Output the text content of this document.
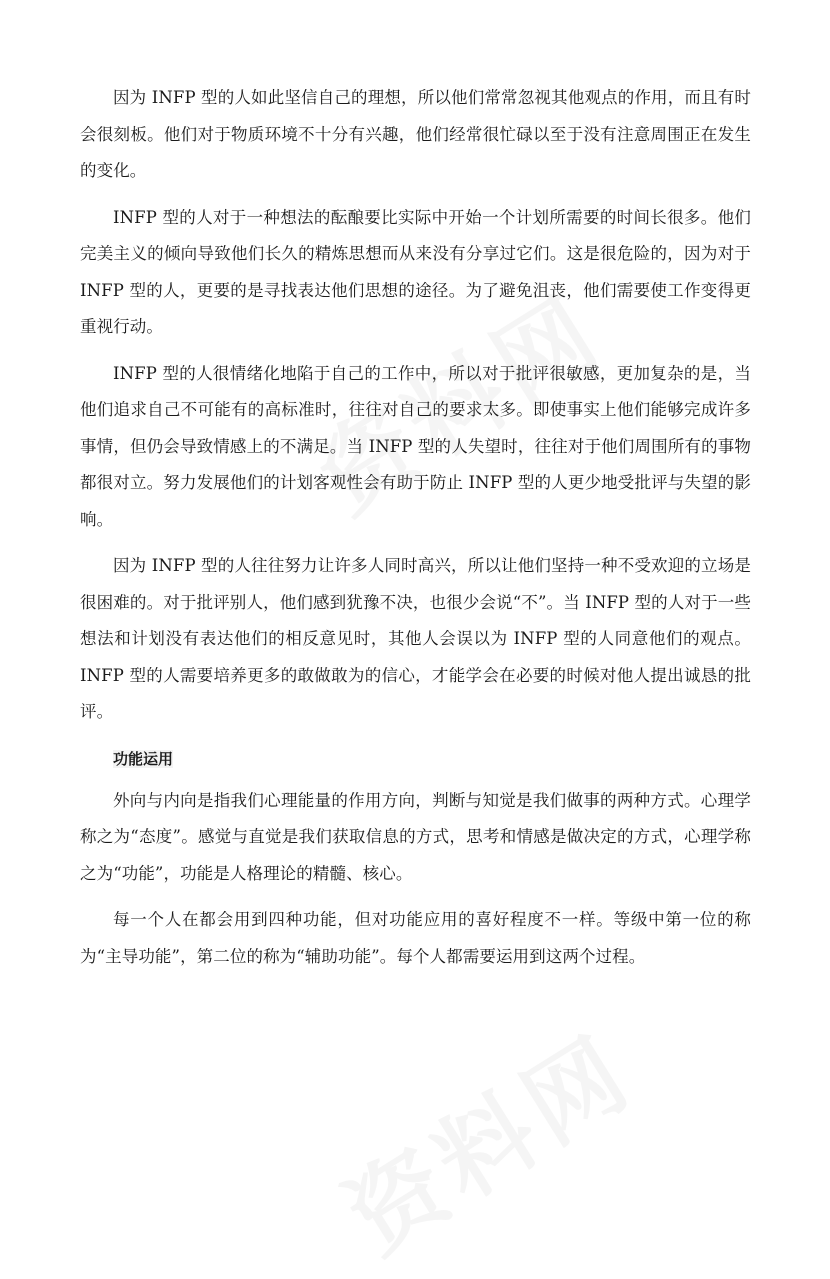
因为 INFP 型的人如此坚信自己的理想，所以他们常常忽视其他观点的作用，而且有时会很刻板。他们对于物质环境不十分有兴趣，他们经常很忙碌以至于没有注意周围正在发生的变化。

INFP 型的人对于一种想法的酝酿要比实际中开始一个计划所需要的时间长很多。他们完美主义的倾向导致他们长久的精炼思想而从来没有分享过它们。这是很危险的，因为对于 INFP 型的人，更要的是寻找表达他们思想的途径。为了避免沮丧，他们需要使工作变得更重视行动。

INFP 型的人很情绪化地陷于自己的工作中，所以对于批评很敏感，更加复杂的是，当他们追求自己不可能有的高标准时，往往对自己的要求太多。即使事实上他们能够完成许多事情，但仍会导致情感上的不满足。当 INFP 型的人失望时，往往对于他们周围所有的事物都很对立。努力发展他们的计划客观性会有助于防止 INFP 型的人更少地受批评与失望的影响。

因为 INFP 型的人往往努力让许多人同时高兴，所以让他们坚持一种不受欢迎的立场是很困难的。对于批评别人，他们感到犹豫不决，也很少会说“不”。当 INFP 型的人对于一些想法和计划没有表达他们的相反意见时，其他人会误以为 INFP 型的人同意他们的观点。INFP 型的人需要培养更多的敢做敢为的信心，才能学会在必要的时候对他人提出诚恳的批评。

功能运用

外向与内向是指我们心理能量的作用方向，判断与知觉是我们做事的两种方式。心理学称之为“态度”。感觉与直觉是我们获取信息的方式，思考和情感是做决定的方式，心理学称之为“功能”，功能是人格理论的精髓、核心。

每一个人在都会用到四种功能，但对功能应用的喜好程度不一样。等级中第一位的称为“主导功能”，第二位的称为“辅助功能”。每个人都需要运用到这两个过程。
